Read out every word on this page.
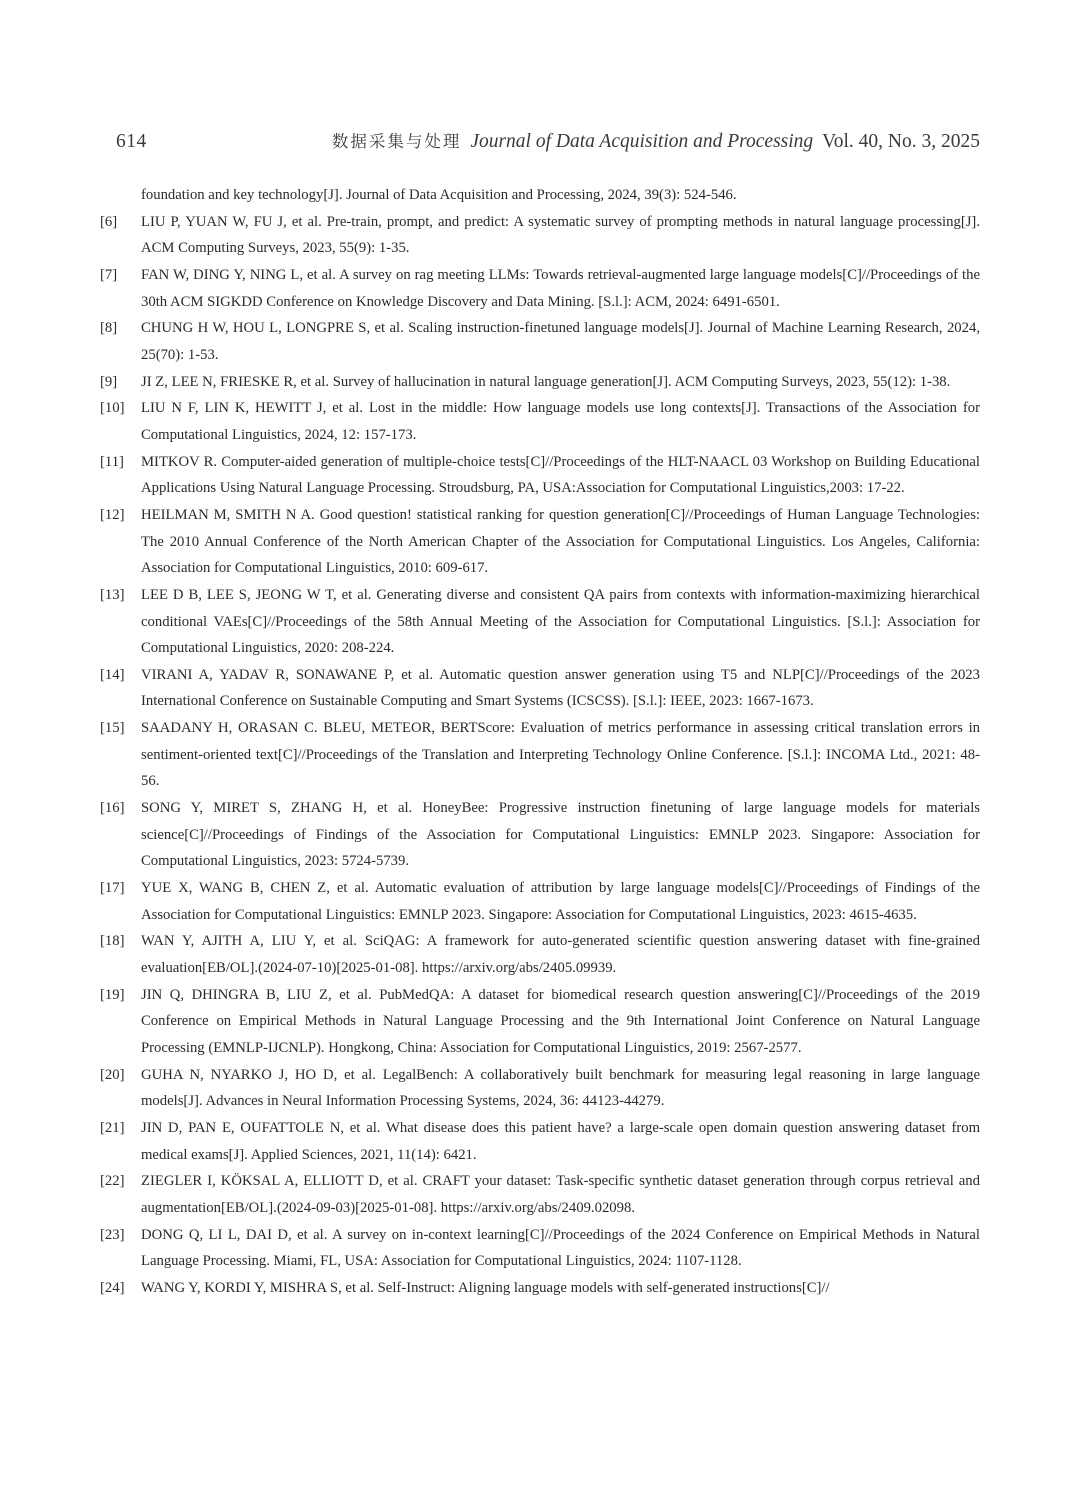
614	数据采集与处理 Journal of Data Acquisition and Processing Vol. 40, No. 3, 2025
foundation and key technology[J]. Journal of Data Acquisition and Processing, 2024, 39(3): 524-546.
[6]	LIU P, YUAN W, FU J, et al. Pre-train, prompt, and predict: A systematic survey of prompting methods in natural language processing[J]. ACM Computing Surveys, 2023, 55(9): 1-35.
[7]	FAN W, DING Y, NING L, et al. A survey on rag meeting LLMs: Towards retrieval-augmented large language models[C]//Proceedings of the 30th ACM SIGKDD Conference on Knowledge Discovery and Data Mining. [S.l.]: ACM, 2024: 6491-6501.
[8]	CHUNG H W, HOU L, LONGPRE S, et al. Scaling instruction-finetuned language models[J]. Journal of Machine Learning Research, 2024, 25(70): 1-53.
[9]	JI Z, LEE N, FRIESKE R, et al. Survey of hallucination in natural language generation[J]. ACM Computing Surveys, 2023, 55(12): 1-38.
[10]	LIU N F, LIN K, HEWITT J, et al. Lost in the middle: How language models use long contexts[J]. Transactions of the Association for Computational Linguistics, 2024, 12: 157-173.
[11]	MITKOV R. Computer-aided generation of multiple-choice tests[C]//Proceedings of the HLT-NAACL 03 Workshop on Building Educational Applications Using Natural Language Processing. Stroudsburg, PA, USA:Association for Computational Linguistics,2003: 17-22.
[12]	HEILMAN M, SMITH N A. Good question! statistical ranking for question generation[C]//Proceedings of Human Language Technologies: The 2010 Annual Conference of the North American Chapter of the Association for Computational Linguistics. Los Angeles, California: Association for Computational Linguistics, 2010: 609-617.
[13]	LEE D B, LEE S, JEONG W T, et al. Generating diverse and consistent QA pairs from contexts with information-maximizing hierarchical conditional VAEs[C]//Proceedings of the 58th Annual Meeting of the Association for Computational Linguistics. [S.l.]: Association for Computational Linguistics, 2020: 208-224.
[14]	VIRANI A, YADAV R, SONAWANE P, et al. Automatic question answer generation using T5 and NLP[C]//Proceedings of the 2023 International Conference on Sustainable Computing and Smart Systems (ICSCSS). [S.l.]: IEEE, 2023: 1667-1673.
[15]	SAADANY H, ORASAN C. BLEU, METEOR, BERTScore: Evaluation of metrics performance in assessing critical translation errors in sentiment-oriented text[C]//Proceedings of the Translation and Interpreting Technology Online Conference. [S.l.]: INCOMA Ltd., 2021: 48-56.
[16]	SONG Y, MIRET S, ZHANG H, et al. HoneyBee: Progressive instruction finetuning of large language models for materials science[C]//Proceedings of Findings of the Association for Computational Linguistics: EMNLP 2023. Singapore: Association for Computational Linguistics, 2023: 5724-5739.
[17]	YUE X, WANG B, CHEN Z, et al. Automatic evaluation of attribution by large language models[C]//Proceedings of Findings of the Association for Computational Linguistics: EMNLP 2023. Singapore: Association for Computational Linguistics, 2023: 4615-4635.
[18]	WAN Y, AJITH A, LIU Y, et al. SciQAG: A framework for auto-generated scientific question answering dataset with fine-grained evaluation[EB/OL].(2024-07-10)[2025-01-08]. https://arxiv.org/abs/2405.09939.
[19]	JIN Q, DHINGRA B, LIU Z, et al. PubMedQA: A dataset for biomedical research question answering[C]//Proceedings of the 2019 Conference on Empirical Methods in Natural Language Processing and the 9th International Joint Conference on Natural Language Processing (EMNLP-IJCNLP). Hongkong, China: Association for Computational Linguistics, 2019: 2567-2577.
[20]	GUHA N, NYARKO J, HO D, et al. LegalBench: A collaboratively built benchmark for measuring legal reasoning in large language models[J]. Advances in Neural Information Processing Systems, 2024, 36: 44123-44279.
[21]	JIN D, PAN E, OUFATTOLE N, et al. What disease does this patient have? a large-scale open domain question answering dataset from medical exams[J]. Applied Sciences, 2021, 11(14): 6421.
[22]	ZIEGLER I, KÖKSAL A, ELLIOTT D, et al. CRAFT your dataset: Task-specific synthetic dataset generation through corpus retrieval and augmentation[EB/OL].(2024-09-03)[2025-01-08]. https://arxiv.org/abs/2409.02098.
[23]	DONG Q, LI L, DAI D, et al. A survey on in-context learning[C]//Proceedings of the 2024 Conference on Empirical Methods in Natural Language Processing. Miami, FL, USA: Association for Computational Linguistics, 2024: 1107-1128.
[24]	WANG Y, KORDI Y, MISHRA S, et al. Self-Instruct: Aligning language models with self-generated instructions[C]//
